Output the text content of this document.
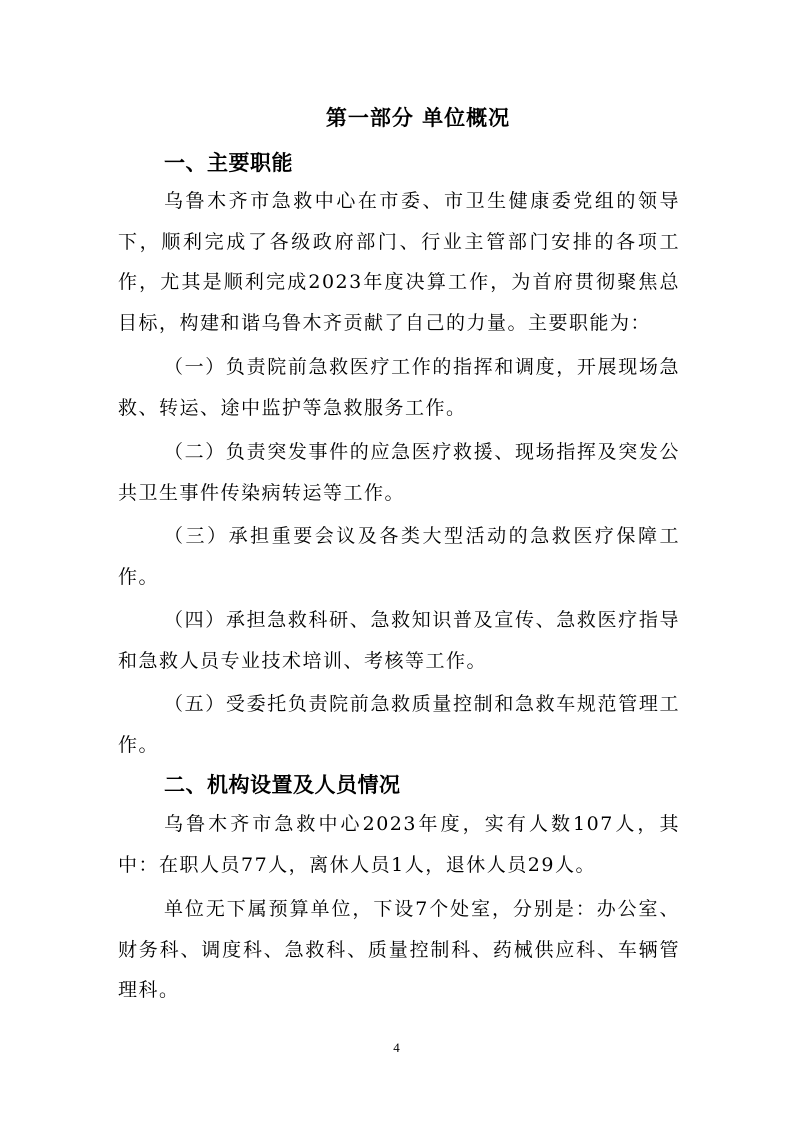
第一部分 单位概况
一、主要职能
乌鲁木齐市急救中心在市委、市卫生健康委党组的领导下，顺利完成了各级政府部门、行业主管部门安排的各项工作，尤其是顺利完成2023年度决算工作，为首府贯彻聚焦总目标，构建和谐乌鲁木齐贡献了自己的力量。主要职能为：
（一）负责院前急救医疗工作的指挥和调度，开展现场急救、转运、途中监护等急救服务工作。
（二）负责突发事件的应急医疗救援、现场指挥及突发公共卫生事件传染病转运等工作。
（三）承担重要会议及各类大型活动的急救医疗保障工作。
（四）承担急救科研、急救知识普及宣传、急救医疗指导和急救人员专业技术培训、考核等工作。
（五）受委托负责院前急救质量控制和急救车规范管理工作。
二、机构设置及人员情况
乌鲁木齐市急救中心2023年度，实有人数107人，其中：在职人员77人，离休人员1人，退休人员29人。
单位无下属预算单位，下设7个处室，分别是：办公室、财务科、调度科、急救科、质量控制科、药械供应科、车辆管理科。
4
